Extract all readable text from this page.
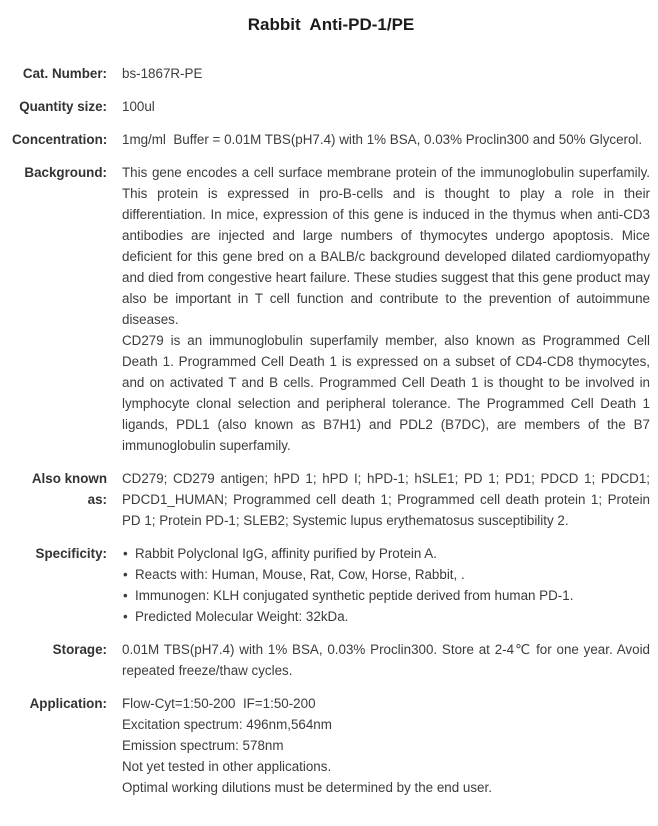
Rabbit  Anti-PD-1/PE
Cat. Number: bs-1867R-PE
Quantity size: 100ul
Concentration: 1mg/ml  Buffer = 0.01M TBS(pH7.4) with 1% BSA, 0.03% Proclin300 and 50% Glycerol.
Background: This gene encodes a cell surface membrane protein of the immunoglobulin superfamily. This protein is expressed in pro-B-cells and is thought to play a role in their differentiation. In mice, expression of this gene is induced in the thymus when anti-CD3 antibodies are injected and large numbers of thymocytes undergo apoptosis. Mice deficient for this gene bred on a BALB/c background developed dilated cardiomyopathy and died from congestive heart failure. These studies suggest that this gene product may also be important in T cell function and contribute to the prevention of autoimmune diseases.

CD279 is an immunoglobulin superfamily member, also known as Programmed Cell Death 1. Programmed Cell Death 1 is expressed on a subset of CD4-CD8 thymocytes, and on activated T and B cells. Programmed Cell Death 1 is thought to be involved in lymphocyte clonal selection and peripheral tolerance. The Programmed Cell Death 1 ligands, PDL1 (also known as B7H1) and PDL2 (B7DC), are members of the B7 immunoglobulin superfamily.

Also known as:
CD279; CD279 antigen; hPD 1; hPD I; hPD-1; hSLE1; PD 1; PD1; PDCD 1; PDCD1; PDCD1_HUMAN; Programmed cell death 1; Programmed cell death protein 1; Protein PD 1; Protein PD-1; SLEB2; Systemic lupus erythematosus susceptibility 2.
Specificity:	• Rabbit Polyclonal IgG, affinity purified by Protein A.
• Reacts with: Human, Mouse, Rat, Cow, Horse, Rabbit, .
• Immunogen: KLH conjugated synthetic peptide derived from human PD-1.
• Predicted Molecular Weight: 32kDa.
Storage: 0.01M TBS(pH7.4) with 1% BSA, 0.03% Proclin300. Store at 2-4℃ for one year. Avoid repeated freeze/thaw cycles.
Application: Flow-Cyt=1:50-200  IF=1:50-200
Excitation spectrum: 496nm,564nm
Emission spectrum: 578nm
Not yet tested in other applications.
Optimal working dilutions must be determined by the end user.
